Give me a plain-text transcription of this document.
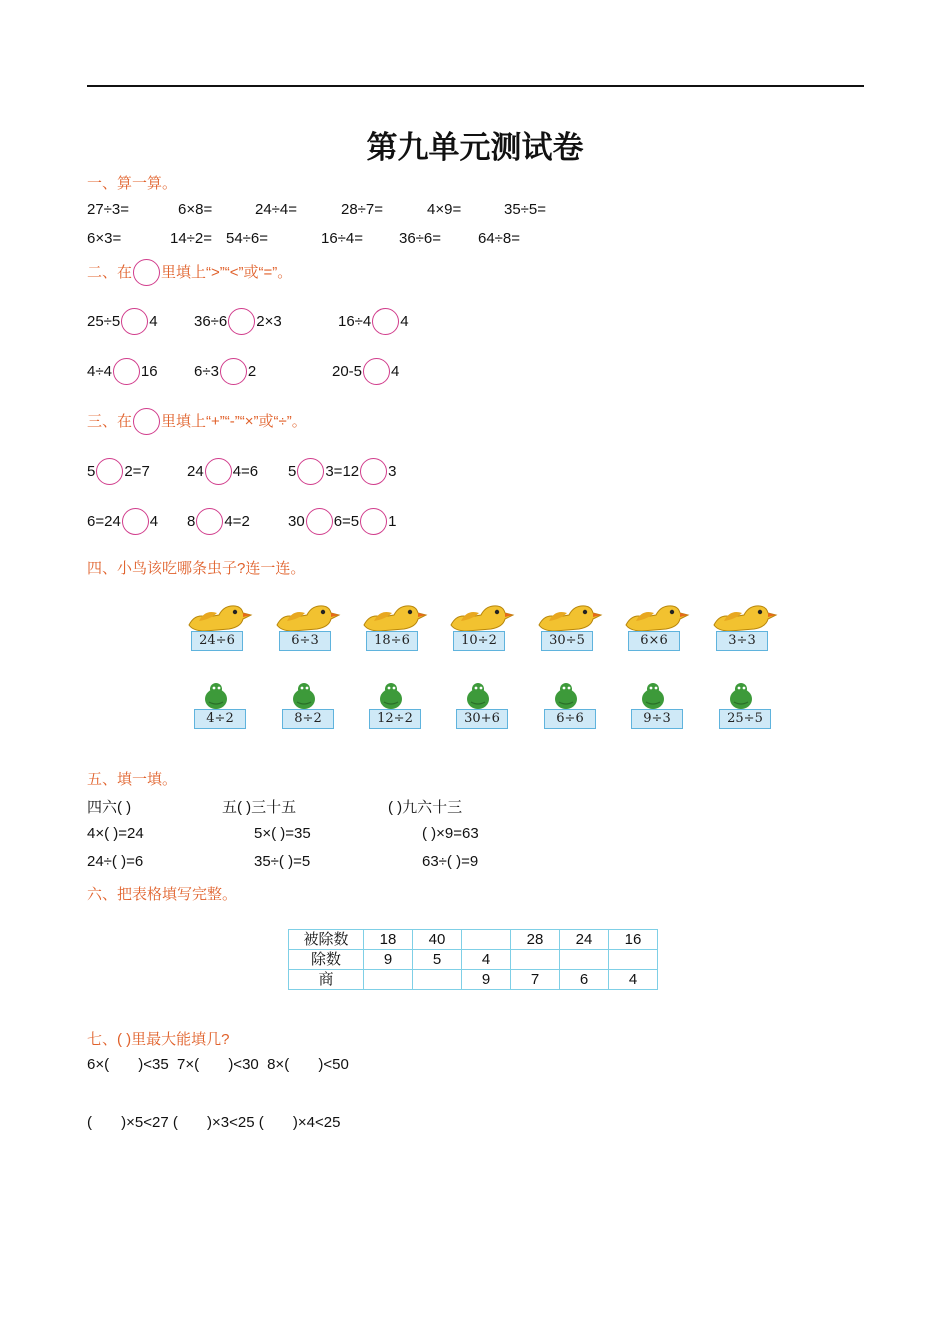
第九单元测试卷
一、算一算。
27÷3=	6×8=	24÷4=	28÷7=	4×9=	35÷5=
6×3=	14÷2= 54÷6=	16÷4= 36÷6= 64÷8=
二、在 里填上“>”“<”或“=”。
25÷5 4 36÷6 2×3	16÷4 4
4÷4 16 6÷3 2	20-5 4
三、在 里填上“+”“-”“×”或“÷”。
5 2=7 24 4=6 5 3=12 3
6=24 4 8 4=2	30 6=5 1
四、小鸟该吃哪条虫子?连一连。
24÷6	6÷3	18÷6	10÷2	30÷5	6×6	3÷3
4÷2	8÷2	12÷2	30+6	6÷6	9÷3	25÷5
五、填一填。
四六( )	五( )三十五	( )九六十三
4×( )=24	5×( )=35	( )×9=63
24÷( )=6	35÷( )=5	63÷( )=9
六、把表格填写完整。
被除数	18	40		28	24	16
除数	9	5	4			
商			9	7	6	4
七、( )里最大能填几?
6×(       )<35  7×(       )<30  8×(       )<50
(       )×5<27 (       )×3<25 (       )×4<25
